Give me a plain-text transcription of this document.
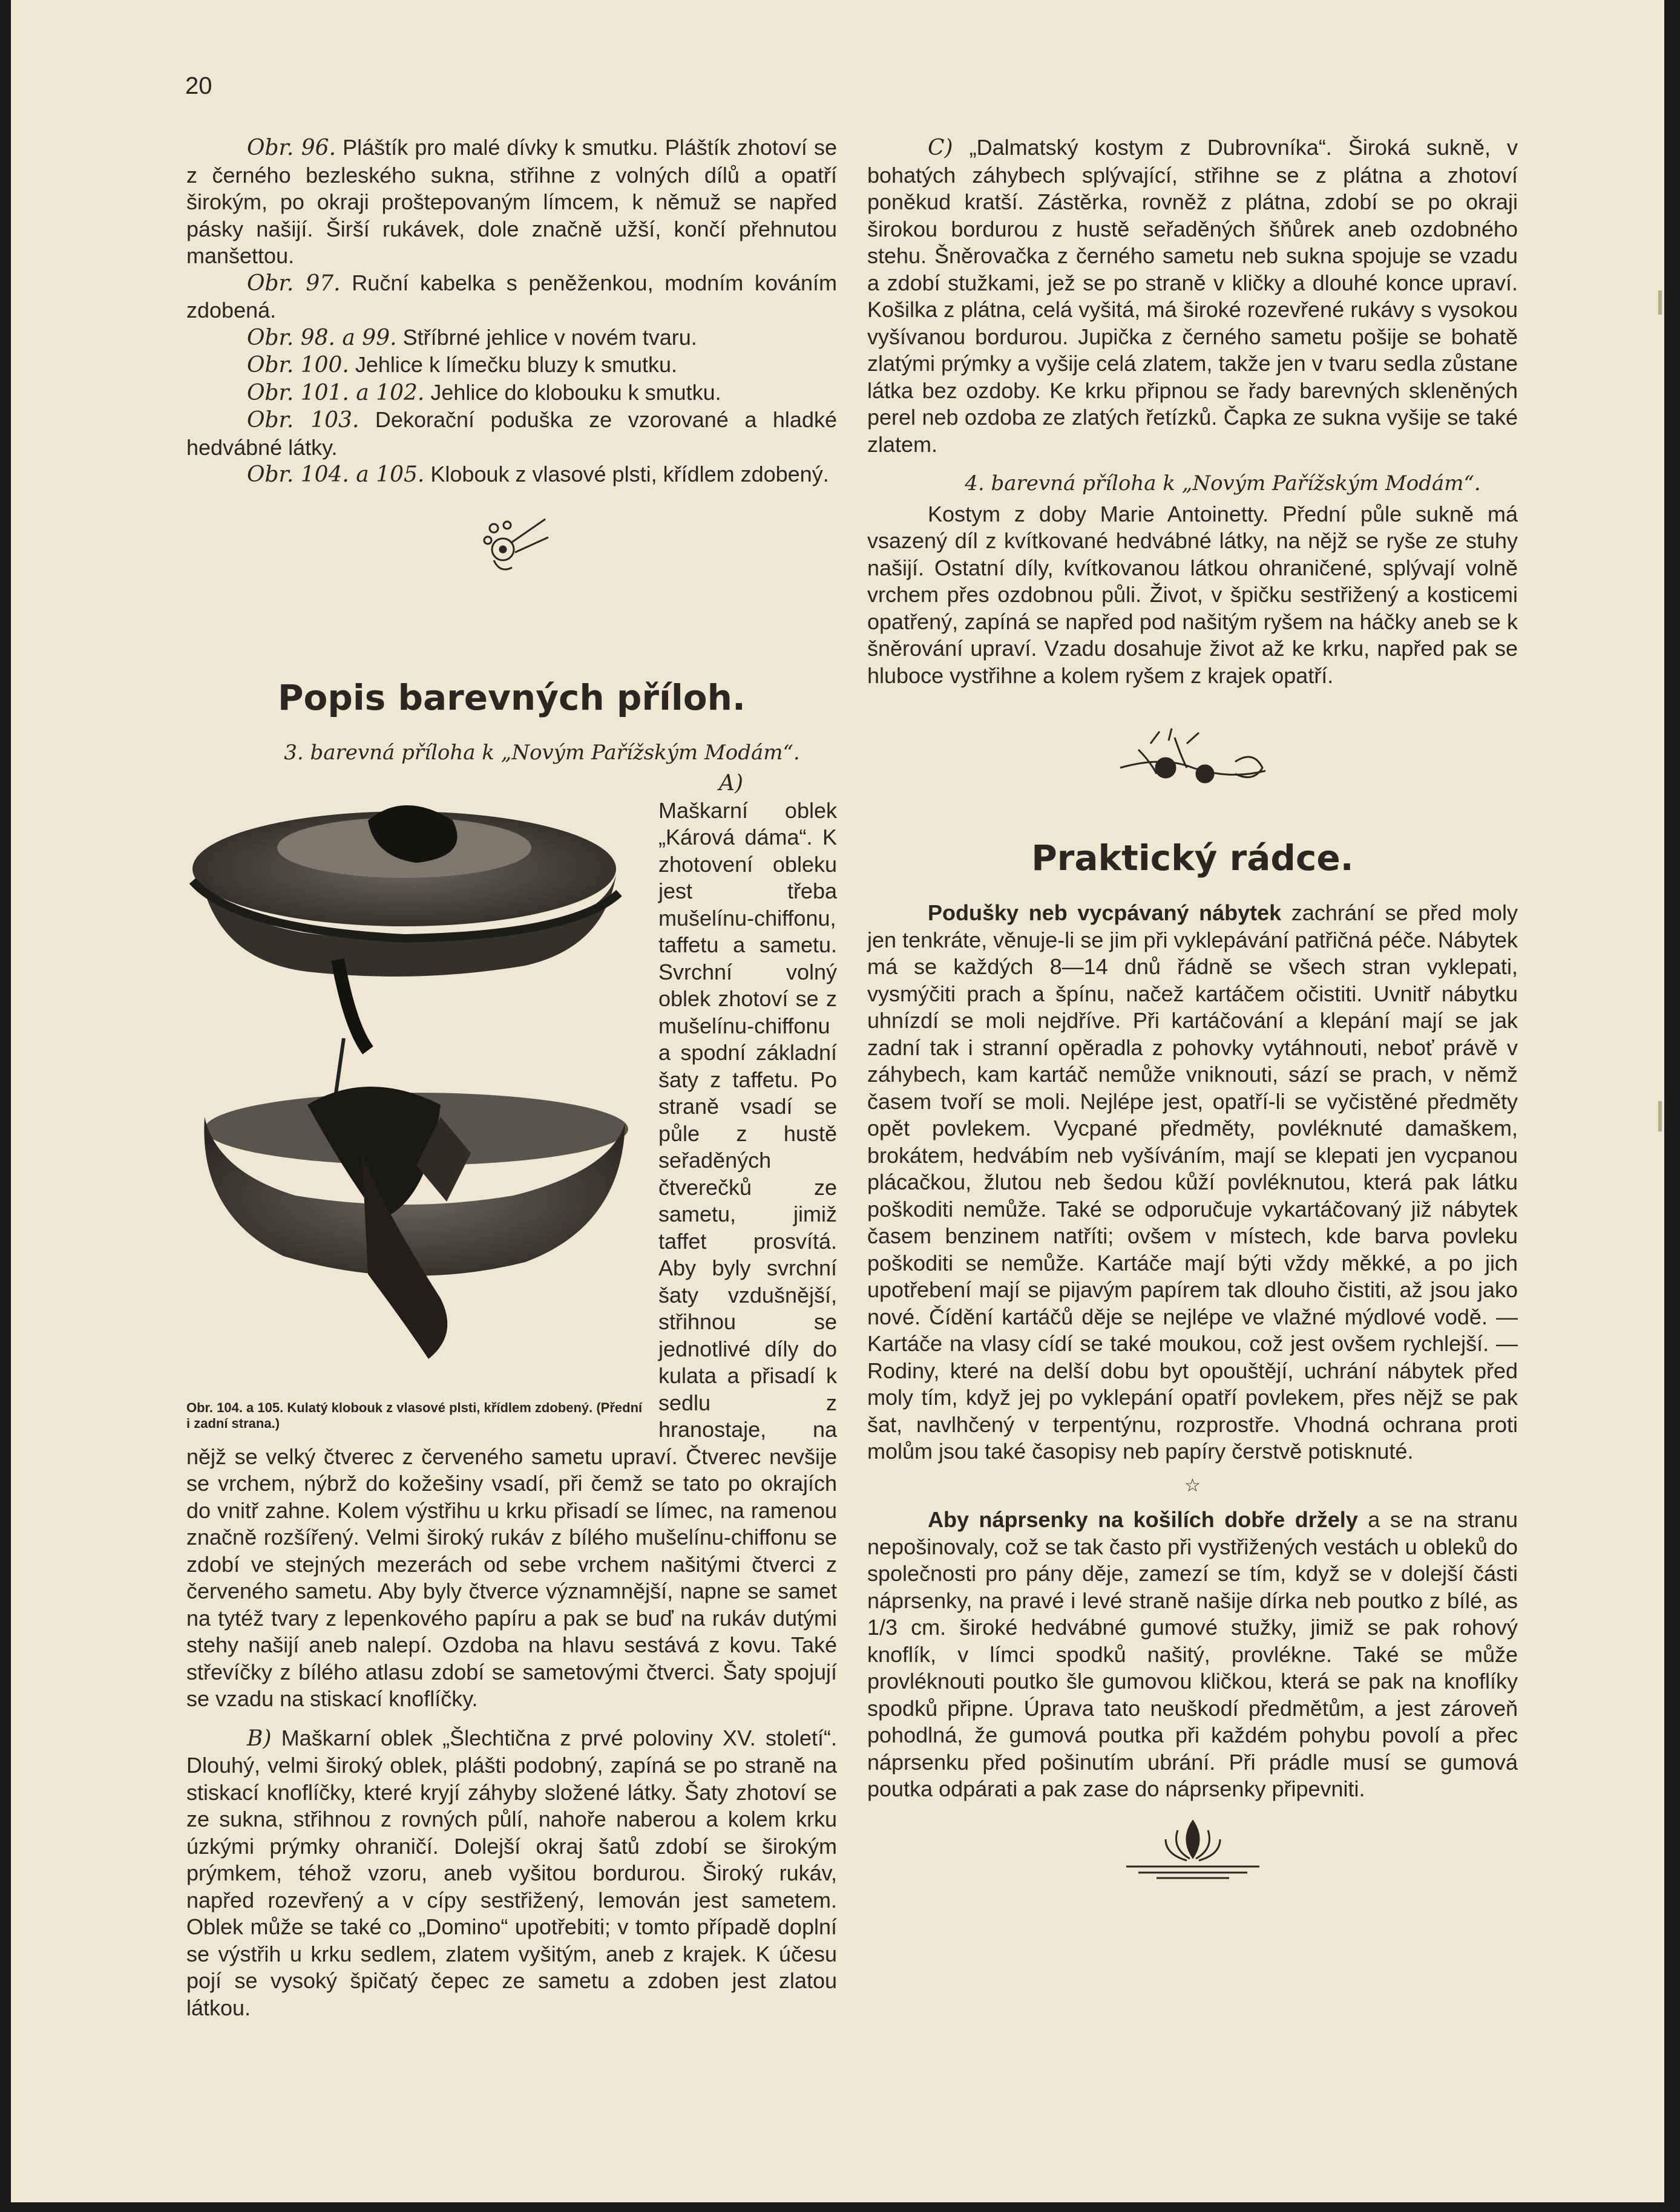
20

Obr. 96. Pláštík pro malé dívky k smutku. Pláštík zhotoví se z černého bezleského sukna, střihne z volných dílů a opatří širokým, po okraji proštepovaným límcem, k němuž se napřed pásky našijí. Širší rukávek, dole značně užší, končí přehnutou manšettou.

Obr. 97. Ruční kabelka s peněženkou, modním kováním zdobená.

Obr. 98. a 99. Stříbrné jehlice v novém tvaru.

Obr. 100. Jehlice k límečku bluzy k smutku.

Obr. 101. a 102. Jehlice do klobouku k smutku.

Obr. 103. Dekorační poduška ze vzorované a hladké hedvábné látky.

Obr. 104. a 105. Klobouk z vlasové plsti, křídlem zdobený.

Popis barevných příloh.

3. barevná příloha k „Novým Pařížským Modám“.

A)
Obr. 104. a 105. Kulatý klobouk z vlasové plsti, křídlem zdobený. (Přední i zadní strana.)
Maškarní oblek „Kárová dáma“. K zhotovení obleku jest třeba mušelínu-chiffonu, taffetu a sametu. Svrchní volný oblek zhotoví se z mušelínu-chiffonu a spodní základní šaty z taffetu. Po straně vsadí se půle z hustě seřaděných čtverečků ze sametu, jimiž taffet prosvítá. Aby byly svrchní šaty vzdušnější, střihnou se jednotlivé díly do kulata a přisadí k sedlu z hranostaje, na nějž se velký čtverec z červeného sametu upraví. Čtverec nevšije se vrchem, nýbrž do kožešiny vsadí, při čemž se tato po okrajích do vnitř zahne. Kolem výstřihu u krku přisadí se límec, na ramenou značně rozšířený. Velmi široký rukáv z bílého mušelínu-chiffonu se zdobí ve stejných mezerách od sebe vrchem našitými čtverci z červeného sametu. Aby byly čtverce významnější, napne se samet na tytéž tvary z lepenkového papíru a pak se buď na rukáv dutými stehy našijí aneb nalepí. Ozdoba na hlavu sestává z kovu. Také střevíčky z bílého atlasu zdobí se sametovými čtverci. Šaty spojují se vzadu na stiskací knoflíčky.

B) Maškarní oblek „Šlechtična z prvé poloviny XV. století“. Dlouhý, velmi široký oblek, plášti podobný, zapíná se po straně na stiskací knoflíčky, které kryjí záhyby složené látky. Šaty zhotoví se ze sukna, střihnou z rovných půlí, nahoře naberou a kolem krku úzkými prýmky ohraničí. Dolejší okraj šatů zdobí se širokým prýmkem, téhož vzoru, aneb vyšitou bordurou. Široký rukáv, napřed rozevřený a v cípy sestřižený, lemován jest sametem. Oblek může se také co „Domino“ upotřebiti; v tomto případě doplní se výstřih u krku sedlem, zlatem vyšitým, aneb z krajek. K účesu pojí se vysoký špičatý čepec ze sametu a zdoben jest zlatou látkou.

C) „Dalmatský kostym z Dubrovníka“. Široká sukně, v bohatých záhybech splývající, střihne se z plátna a zhotoví poněkud kratší. Zástěrka, rovněž z plátna, zdobí se po okraji širokou bordurou z hustě seřaděných šňůrek aneb ozdobného stehu. Šněrovačka z černého sametu neb sukna spojuje se vzadu a zdobí stužkami, jež se po straně v kličky a dlouhé konce upraví. Košilka z plátna, celá vyšitá, má široké rozevřené rukávy s vysokou vyšívanou bordurou. Jupička z černého sametu pošije se bohatě zlatými prýmky a vyšije celá zlatem, takže jen v tvaru sedla zůstane látka bez ozdoby. Ke krku připnou se řady barevných skleněných perel neb ozdoba ze zlatých řetízků. Čapka ze sukna vyšije se také zlatem.

4. barevná příloha k „Novým Pařížským Modám“.

Kostym z doby Marie Antoinetty. Přední půle sukně má vsazený díl z kvítkované hedvábné látky, na nějž se ryše ze stuhy našijí. Ostatní díly, kvítkovanou látkou ohraničené, splývají volně vrchem přes ozdobnou půli. Život, v špičku sestřižený a kosticemi opatřený, zapíná se napřed pod našitým ryšem na háčky aneb se k šněrování upraví. Vzadu dosahuje život až ke krku, napřed pak se hluboce vystřihne a kolem ryšem z krajek opatří.

Praktický rádce.

Podušky neb vycpávaný nábytek zachrání se před moly jen tenkráte, věnuje-li se jim při vyklepávání patřičná péče. Nábytek má se každých 8—14 dnů řádně se všech stran vyklepati, vysmýčiti prach a špínu, načež kartáčem očistiti. Uvnitř nábytku uhnízdí se moli nejdříve. Při kartáčování a klepání mají se jak zadní tak i stranní opěradla z pohovky vytáhnouti, neboť právě v záhybech, kam kartáč nemůže vniknouti, sází se prach, v němž časem tvoří se moli. Nejlépe jest, opatří-li se vyčistěné předměty opět povlekem. Vycpané předměty, povléknuté damaškem, brokátem, hedvábím neb vyšíváním, mají se klepati jen vycpanou plácačkou, žlutou neb šedou kůží povléknutou, která pak látku poškoditi nemůže. Také se odporučuje vykartáčovaný již nábytek časem benzinem natříti; ovšem v místech, kde barva povleku poškoditi se nemůže. Kartáče mají býti vždy měkké, a po jich upotřebení mají se pijavým papírem tak dlouho čistiti, až jsou jako nové. Čídění kartáčů děje se nejlépe ve vlažné mýdlové vodě. — Kartáče na vlasy cídí se také moukou, což jest ovšem rychlejší. — Rodiny, které na delší dobu byt opouštějí, uchrání nábytek před moly tím, když jej po vyklepání opatří povlekem, přes nějž se pak šat, navlhčený v terpentýnu, rozprostře. Vhodná ochrana proti molům jsou také časopisy neb papíry čerstvě potisknuté.

☆

Aby náprsenky na košilích dobře držely a se na stranu nepošinovaly, což se tak často při vystřižených vestách u obleků do společnosti pro pány děje, zamezí se tím, když se v dolejší části náprsenky, na pravé i levé straně našije dírka neb poutko z bílé, as 1/3 cm. široké hedvábné gumové stužky, jimiž se pak rohový knoflík, v límci spodků našitý, provlékne. Také se může provléknouti poutko šle gumovou kličkou, která se pak na knoflíky spodků připne. Úprava tato neuškodí předmětům, a jest zároveň pohodlná, že gumová poutka při každém pohybu povolí a přec náprsenku před pošinutím ubrání. Při prádle musí se gumová poutka odpárati a pak zase do náprsenky připevniti.
